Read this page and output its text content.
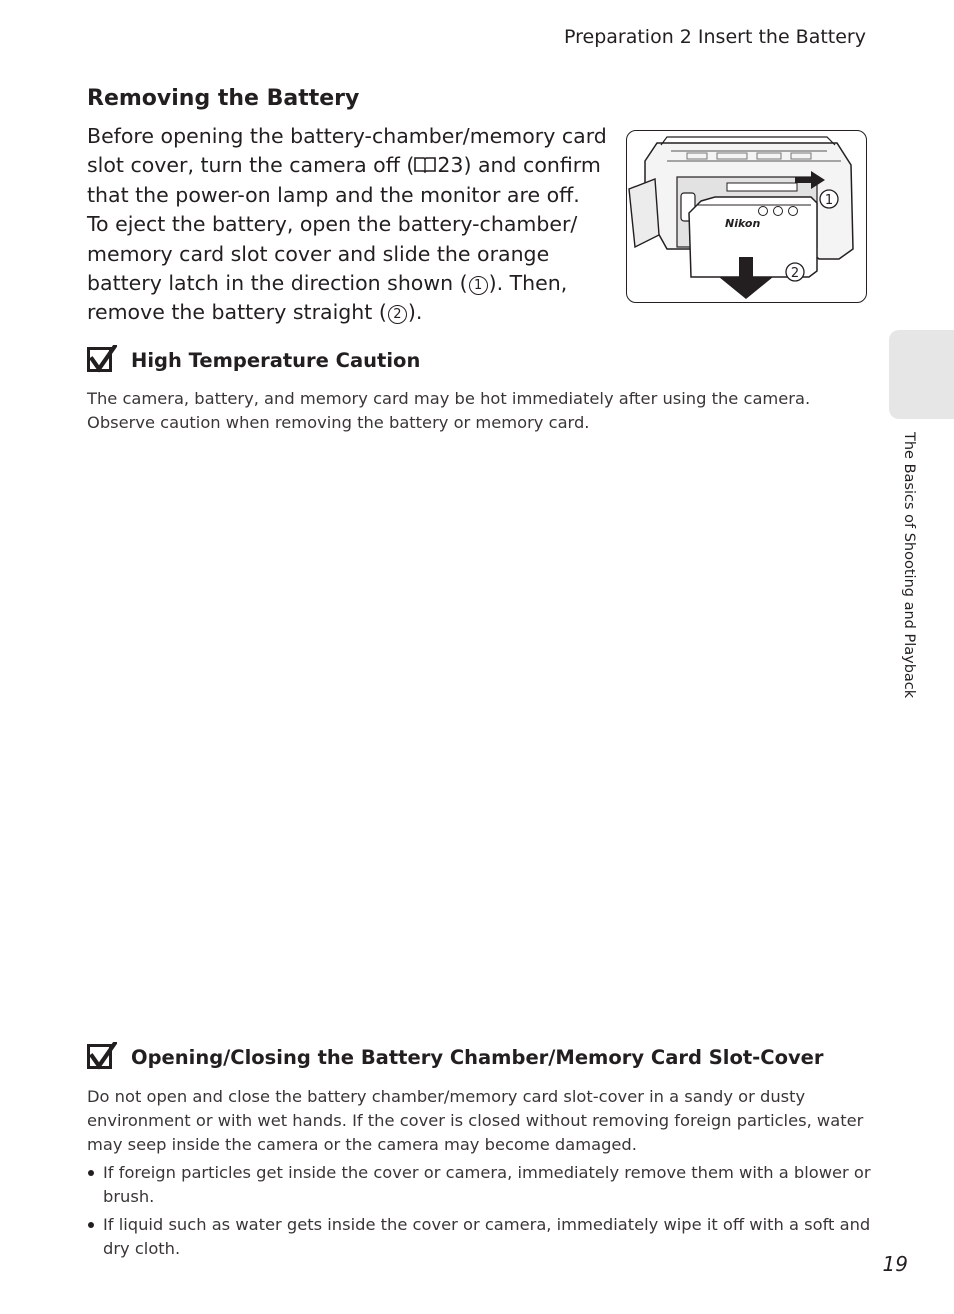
Preparation 2 Insert the Battery
Removing the Battery

Before opening the battery-chamber/memory card slot cover, turn the camera off ( 23) and confirm that the power-on lamp and the monitor are off.

To eject the battery, open the battery-chamber/ memory card slot cover and slide the orange battery latch in the direction shown ( 1 ). Then, remove the battery straight ( 2 ).

Nikon
1
2
High Temperature Caution

The camera, battery, and memory card may be hot immediately after using the camera. Observe caution when removing the battery or memory card.

Opening/Closing the Battery Chamber/Memory Card Slot-Cover

Do not open and close the battery chamber/memory card slot-cover in a sandy or dusty environment or with wet hands. If the cover is closed without removing foreign particles, water may seep inside the camera or the camera may become damaged.

If foreign particles get inside the cover or camera, immediately remove them with a blower or brush.
If liquid such as water gets inside the cover or camera, immediately wipe it off with a soft and dry cloth.
The Basics of Shooting and Playback
19
